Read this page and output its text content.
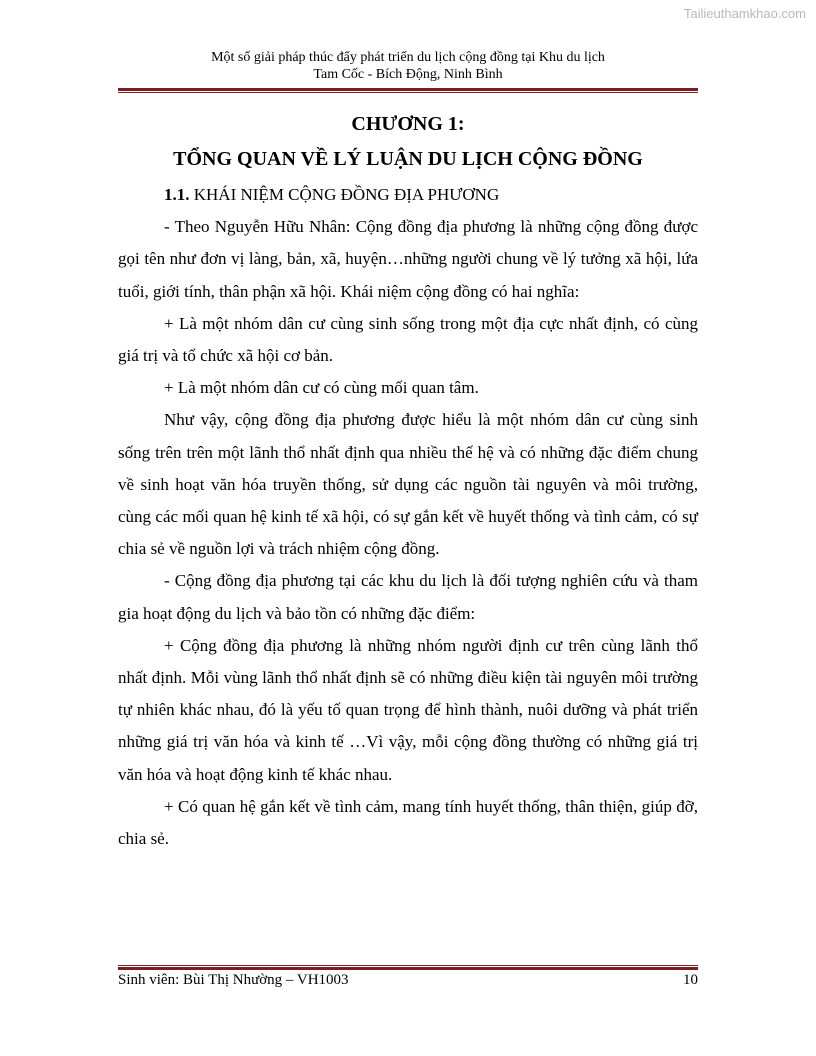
Tailieuthamkhao.com
Một số giải pháp thúc đẩy phát triển du lịch cộng đồng tại Khu du lịch
Tam Cốc - Bích Động, Ninh Bình
CHƯƠNG 1:
TỔNG QUAN VỀ LÝ LUẬN DU LỊCH CỘNG ĐỒNG

1.1. KHÁI NIỆM CỘNG ĐỒNG ĐỊA PHƯƠNG

- Theo Nguyễn Hữu Nhân: Cộng đồng địa phương là những cộng đồng được gọi tên như đơn vị làng, bản, xã, huyện…những người chung về lý tưởng xã hội, lứa tuổi, giới tính, thân phận xã hội. Khái niệm cộng đồng có hai nghĩa:

+ Là một nhóm dân cư cùng sinh sống trong một địa cực nhất định, có cùng giá trị và tổ chức xã hội cơ bản.

+ Là một nhóm dân cư có cùng mối quan tâm.

Như vậy, cộng đồng địa phương được hiểu là một nhóm dân cư cùng sinh sống trên trên một lãnh thổ nhất định qua nhiều thế hệ và có những đặc điểm chung về sinh hoạt văn hóa truyền thống, sử dụng các nguồn tài nguyên và môi trường, cùng các mối quan hệ kinh tế xã hội, có sự gắn kết về huyết thống và tình cảm, có sự chia sẻ về nguồn lợi và trách nhiệm cộng đồng.

- Cộng đồng địa phương tại các khu du lịch là đối tượng nghiên cứu và tham gia hoạt động du lịch và bảo tồn có những đặc điểm:

+ Cộng đồng địa phương là những nhóm người định cư trên cùng lãnh thổ nhất định. Mỗi vùng lãnh thổ nhất định sẽ có những điều kiện tài nguyên môi trường tự nhiên khác nhau, đó là yếu tố quan trọng để hình thành, nuôi dưỡng và phát triển những giá trị văn hóa và kinh tế …Vì vậy, mỗi cộng đồng thường có những giá trị văn hóa và hoạt động kinh tế khác nhau.

+ Có quan hệ gắn kết về tình cảm, mang tính huyết thống, thân thiện, giúp đỡ, chia sẻ.

Sinh viên: Bùi Thị Nhường – VH1003	10
